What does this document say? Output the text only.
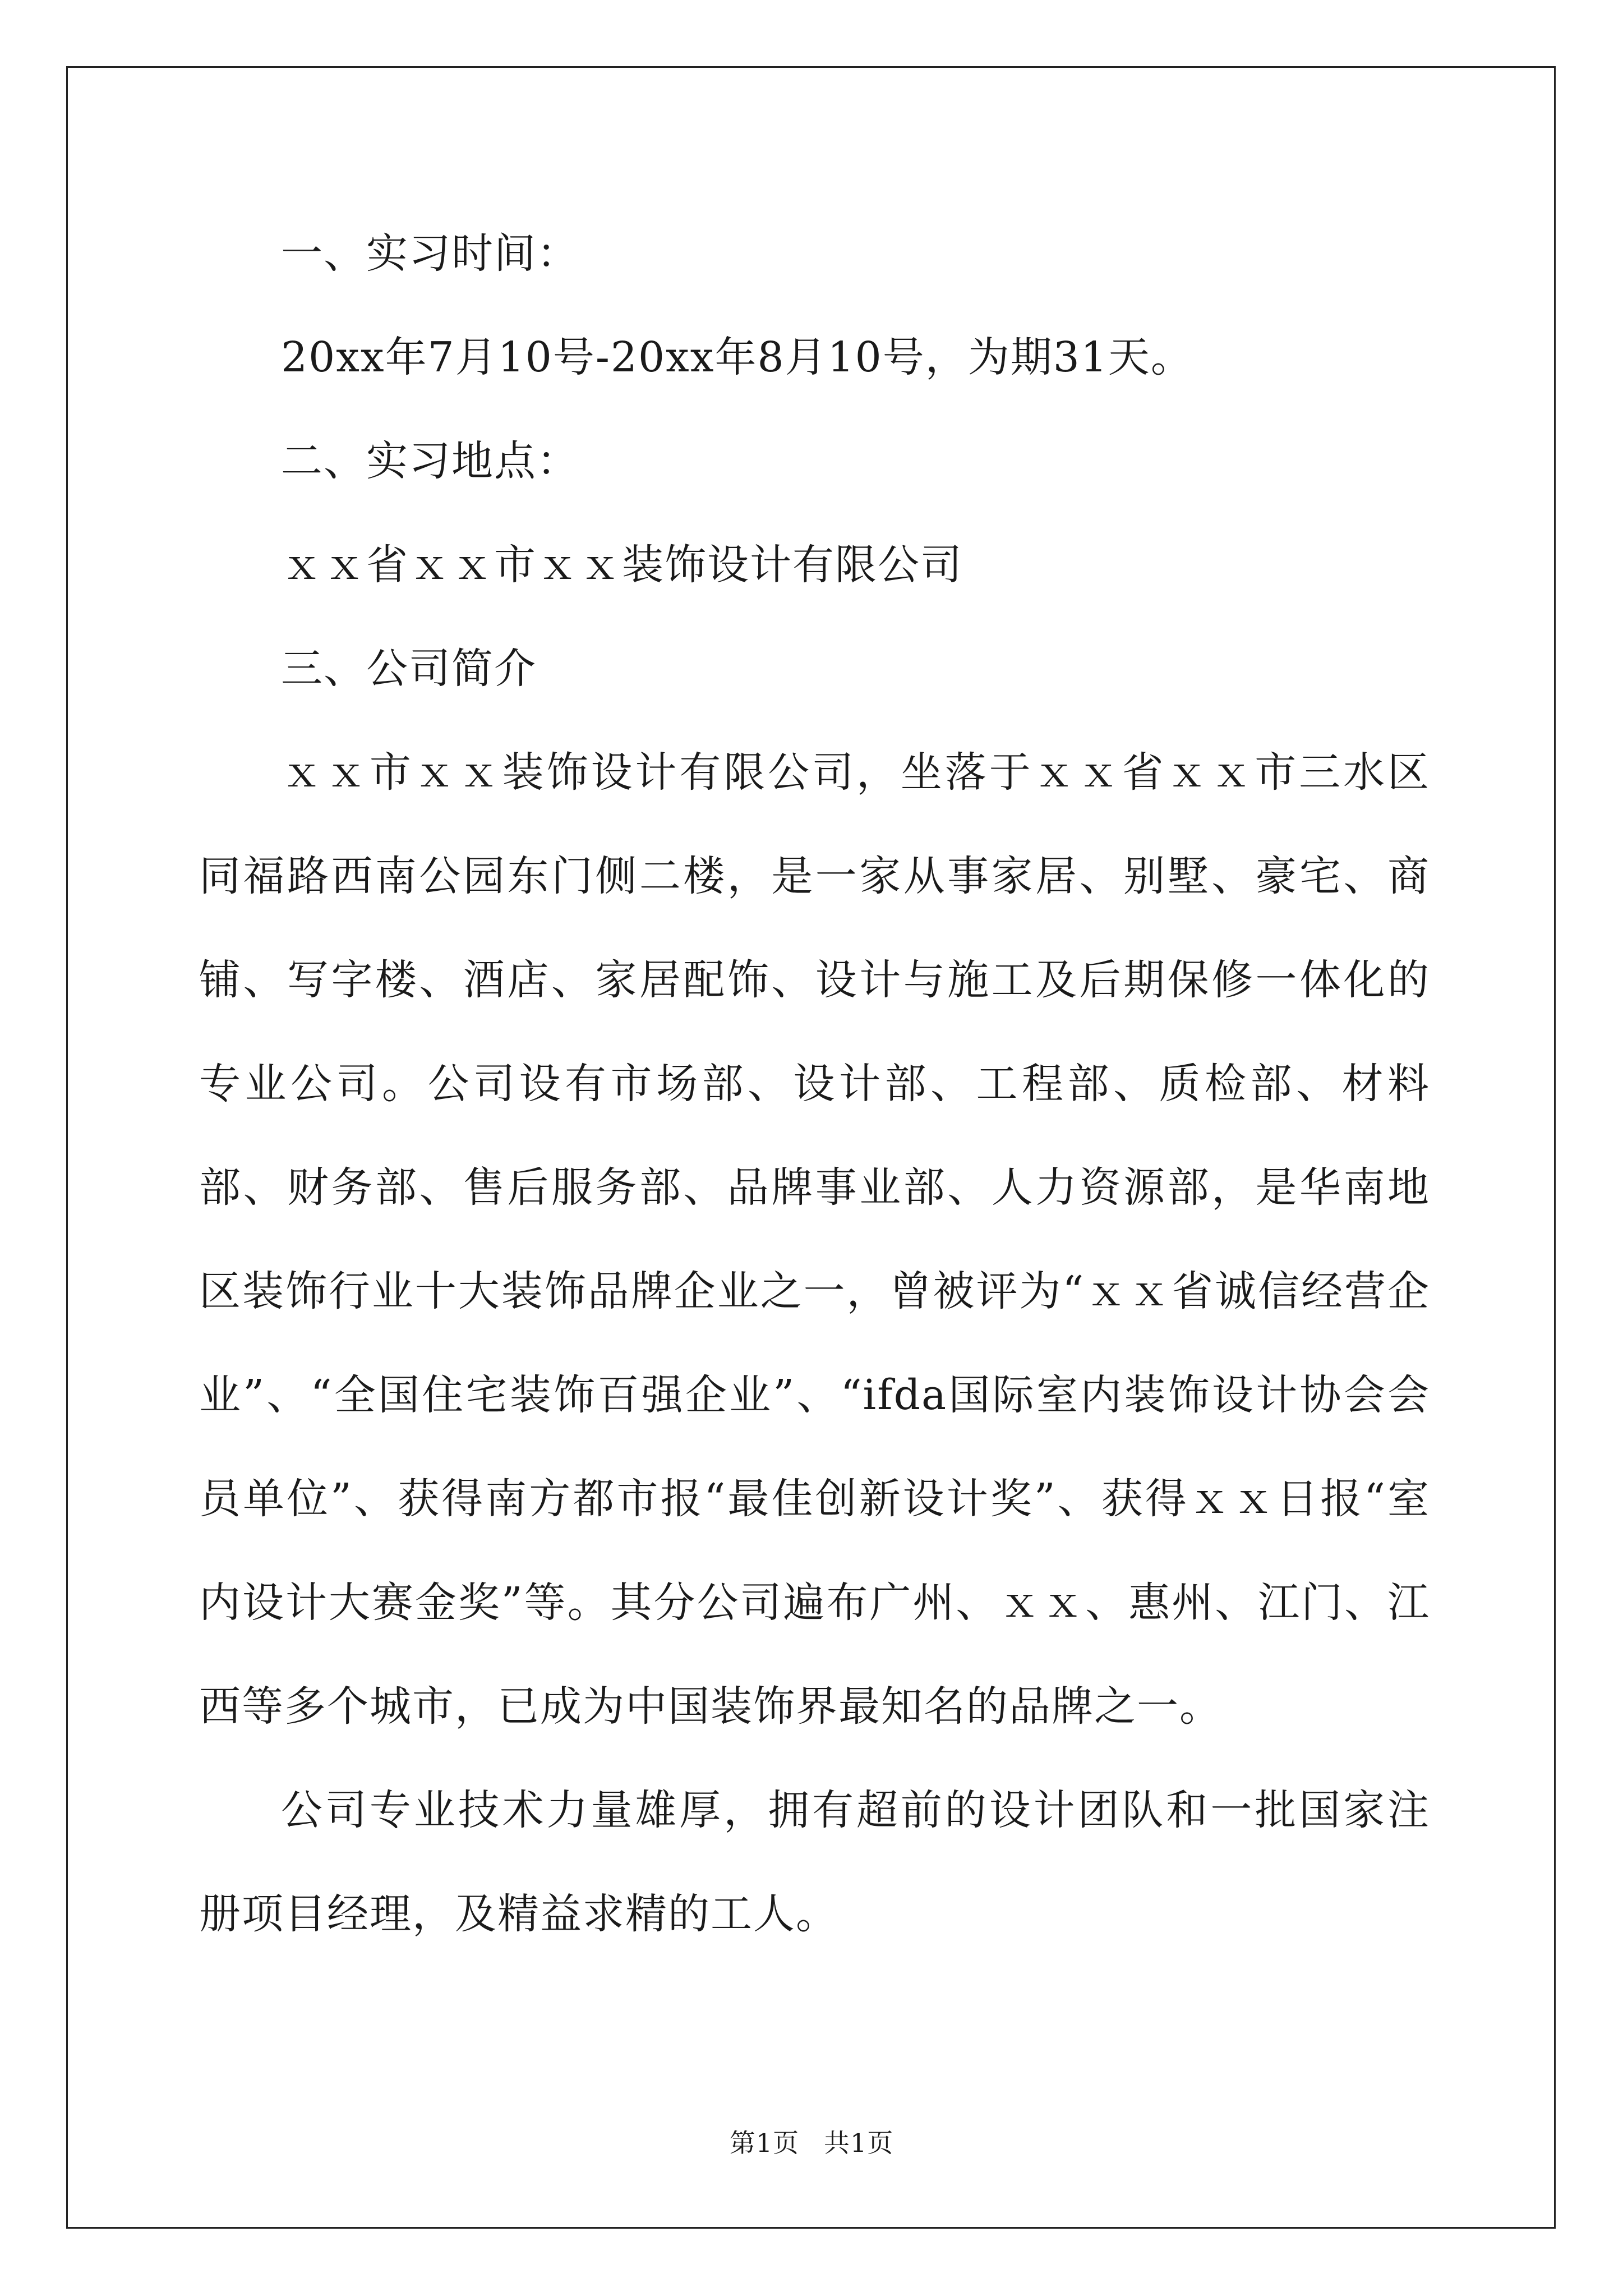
一、实习时间：

20xx年7月10号-20xx年8月10号，为期31天。

二、实习地点：

ｘｘ省ｘｘ市ｘｘ装饰设计有限公司

三、公司简介

ｘｘ市ｘｘ装饰设计有限公司，坐落于ｘｘ省ｘｘ市三水区同福路西南公园东门侧二楼，是一家从事家居、别墅、豪宅、商铺、写字楼、酒店、家居配饰、设计与施工及后期保修一体化的专业公司。公司设有市场部、设计部、工程部、质检部、材料部、财务部、售后服务部、品牌事业部、人力资源部，是华南地区装饰行业十大装饰品牌企业之一，曾被评为“ｘｘ省诚信经营企业”、“全国住宅装饰百强企业”、“ifda国际室内装饰设计协会会员单位”、获得南方都市报“最佳创新设计奖”、获得ｘｘ日报“室内设计大赛金奖”等。其分公司遍布广州、ｘｘ、惠州、江门、江西等多个城市，已成为中国装饰界最知名的品牌之一。

公司专业技术力量雄厚，拥有超前的设计团队和一批国家注册项目经理，及精益求精的工人。

第1页 共1页
